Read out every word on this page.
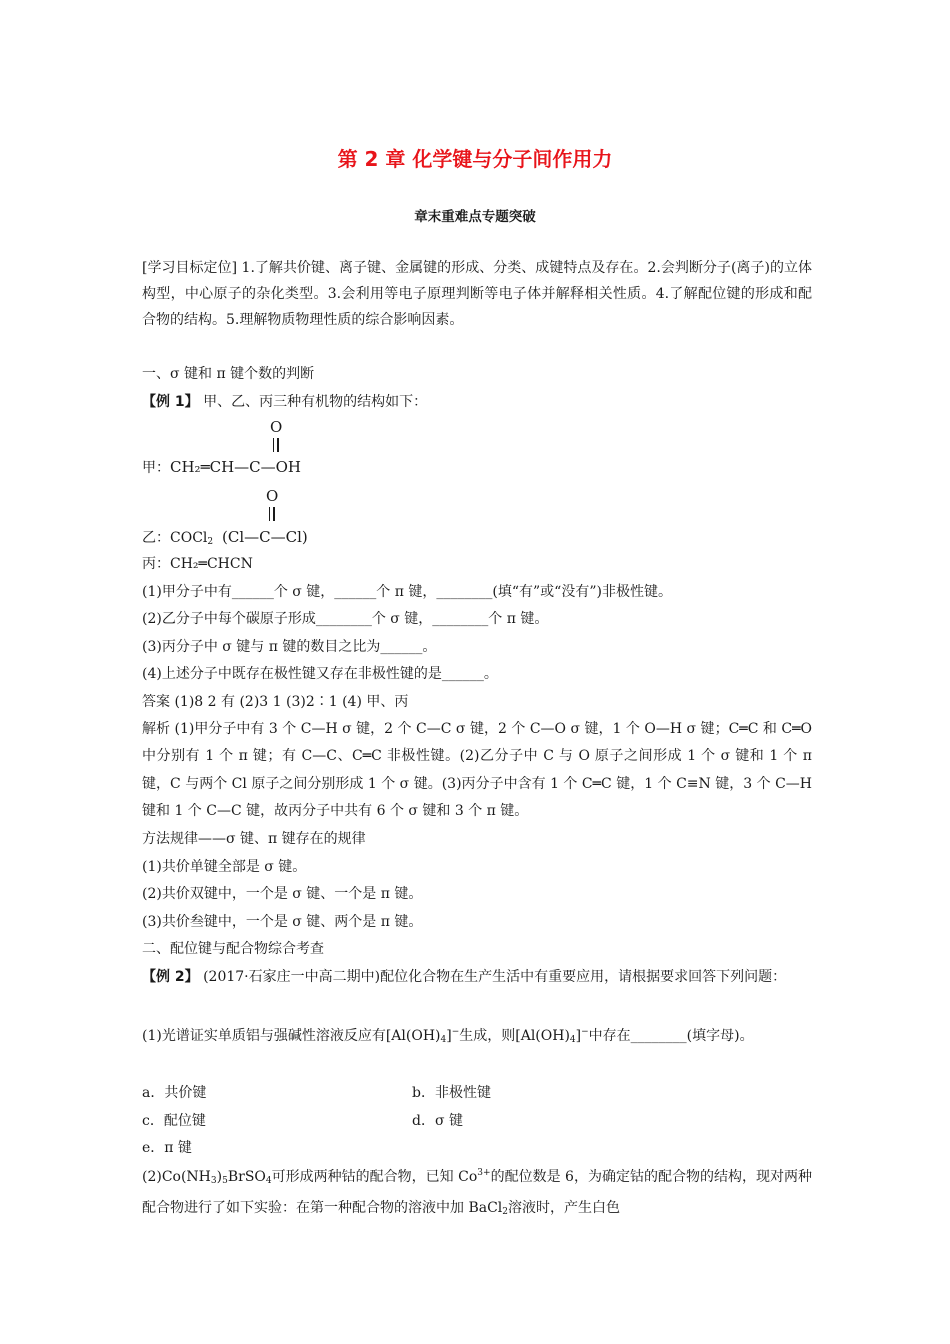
第 2 章 化学键与分子间作用力
章末重难点专题突破
[学习目标定位] 1.了解共价键、离子键、金属键的形成、分类、成键特点及存在。2.会判断分子(离子)的立体构型，中心原子的杂化类型。3.会利用等电子原理判断等电子体并解释相关性质。4.了解配位键的形成和配合物的结构。5.理解物质物理性质的综合影响因素。
一、σ 键和 π 键个数的判断
【例 1】 甲、乙、丙三种有机物的结构如下：
O
甲：CH₂═CH—C—OH
O
乙：COCl$_2$ (Cl—C—Cl)
丙：CH₂═CHCN
(1)甲分子中有______个 σ 键，______个 π 键，________(填“有”或“没有”)非极性键。
(2)乙分子中每个碳原子形成________个 σ 键，________个 π 键。
(3)丙分子中 σ 键与 π 键的数目之比为______。
(4)上述分子中既存在极性键又存在非极性键的是______。
答案 (1)8 2 有 (2)3 1 (3)2∶1 (4) 甲、丙
解析 (1)甲分子中有 3 个 C—H σ 键，2 个 C—C σ 键，2 个 C—O σ 键，1 个 O—H σ 键；C═C 和 C═O 中分别有 1 个 π 键；有 C—C、C═C 非极性键。(2)乙分子中 C 与 O 原子之间形成 1 个 σ 键和 1 个 π 键，C 与两个 Cl 原子之间分别形成 1 个 σ 键。(3)丙分子中含有 1 个 C═C 键，1 个 C≡N 键，3 个 C—H 键和 1 个 C—C 键，故丙分子中共有 6 个 σ 键和 3 个 π 键。
方法规律——σ 键、π 键存在的规律
(1)共价单键全部是 σ 键。
(2)共价双键中，一个是 σ 键、一个是 π 键。
(3)共价叁键中，一个是 σ 键、两个是 π 键。
二、配位键与配合物综合考查
【例 2】 (2017·石家庄一中高二期中)配位化合物在生产生活中有重要应用，请根据要求回答下列问题：
(1)光谱证实单质铝与强碱性溶液反应有$[Al(OH)_4]^-$生成，则$[Al(OH)_4]^-$中存在________(填字母)。
a．共价键	b．非极性键
c．配位键	d．σ 键
e．π 键
$(2)Co(NH_3)_5BrSO_4$可形成两种钴的配合物，已知 $Co^{3+}$的配位数是 6，为确定钴的配合物的结构，现对两种配合物进行了如下实验：在第一种配合物的溶液中加 BaCl$_2$溶液时，产生白色
